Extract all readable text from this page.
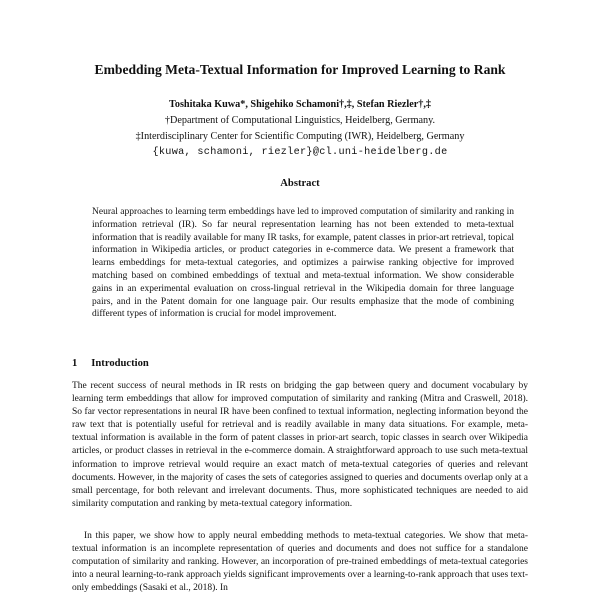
Embedding Meta-Textual Information for Improved Learning to Rank
Toshitaka Kuwa*, Shigehiko Schamoni†,‡, Stefan Riezler†,‡
†Department of Computational Linguistics, Heidelberg, Germany.
‡Interdisciplinary Center for Scientific Computing (IWR), Heidelberg, Germany
{kuwa, schamoni, riezler}@cl.uni-heidelberg.de
Abstract
Neural approaches to learning term embeddings have led to improved computation of similarity and ranking in information retrieval (IR). So far neural representation learning has not been extended to meta-textual information that is readily available for many IR tasks, for example, patent classes in prior-art retrieval, topical information in Wikipedia articles, or product categories in e-commerce data. We present a framework that learns embeddings for meta-textual categories, and optimizes a pairwise ranking objective for improved matching based on combined embeddings of textual and meta-textual information. We show considerable gains in an experimental evaluation on cross-lingual retrieval in the Wikipedia domain for three language pairs, and in the Patent domain for one language pair. Our results emphasize that the mode of combining different types of information is crucial for model improvement.
1 Introduction

The recent success of neural methods in IR rests on bridging the gap between query and document vocabulary by learning term embeddings that allow for improved computation of similarity and ranking (Mitra and Craswell, 2018). So far vector representations in neural IR have been confined to textual information, neglecting information beyond the raw text that is potentially useful for retrieval and is readily available in many data situations. For example, meta-textual information is available in the form of patent classes in prior-art search, topic classes in search over Wikipedia articles, or product classes in retrieval in the e-commerce domain. A straightforward approach to use such meta-textual information to improve retrieval would require an exact match of meta-textual categories of queries and relevant documents. However, in the majority of cases the sets of categories assigned to queries and documents overlap only at a small percentage, for both relevant and irrelevant documents. Thus, more sophisticated techniques are needed to aid similarity computation and ranking by meta-textual category information.

In this paper, we show how to apply neural embedding methods to meta-textual categories. We show that meta-textual information is an incomplete representation of queries and documents and does not suffice for a standalone computation of similarity and ranking. However, an incorporation of pre-trained embeddings of meta-textual categories into a neural learning-to-rank approach yields significant improvements over a learning-to-rank approach that uses text-only embeddings (Sasaki et al., 2018). In
